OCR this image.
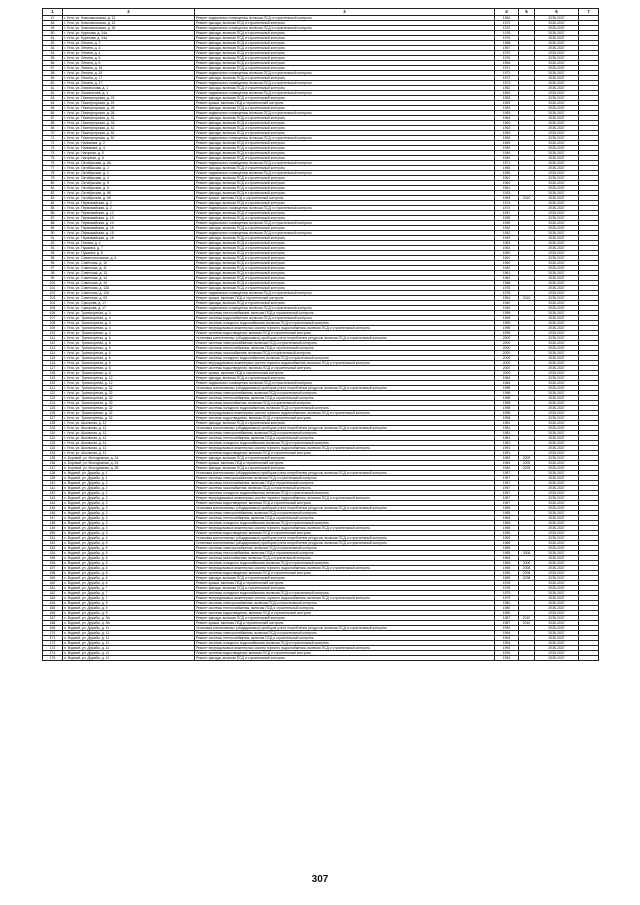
1	2	3	4	5	6	7
47	г. Ухта, ул. Комсомольская, д. 12	Ремонт подвального помещения, включая ПСД и строительный контроль	1964		2035-2037	
48	г. Ухта, ул. Комсомольская, д. 12	Ремонт фасада, включая ПСД и строительный контроль	1972		2035-2037	
49	г. Ухта, ул. Комсомольская, д. 16	Ремонт подвального помещения, включая ПСД и строительный контроль	1972		2035-2037	
50	г. Ухта, ул. Куратова, д. 24а	Ремонт фасада, включая ПСД и строительный контроль	1976		2035-2037	
51	г. Ухта, ул. Куратова, д. 24а	Ремонт фасада, включая ПСД и строительный контроль	1976		2035-2037	
52	г. Ухта, ул. Ленина, д. 2	Ремонт фасада, включая ПСД и строительный контроль	1958		2035-2037	
53	г. Ухта, ул. Ленина, д. 3	Ремонт фасада, включая ПСД и строительный контроль	1967		2035-2037	
54	г. Ухта, ул. Ленина, д. 4	Ремонт фасада, включая ПСД и строительный контроль	1970		2035-2037	
55	г. Ухта, ул. Ленина, д. 5	Ремонт фасада, включая ПСД и строительный контроль	1970		2035-2037	
56	г. Ухта, ул. Ленина, д. 6	Ремонт фасада, включая ПСД и строительный контроль	1954		2035-2037	
57	г. Ухта, ул. Ленина, д. 15	Ремонт фасада, включая ПСД и строительный контроль	1971		2035-2037	
58	г. Ухта, ул. Ленина, д. 15	Ремонт подвального помещения, включая ПСД и строительный контроль	1971		2035-2037	
59	г. Ухта, ул. Ленина, д. 17	Ремонт фасада, включая ПСД и строительный контроль	1972		2035-2037	
60	г. Ухта, ул. Ленина, д. 17	Ремонт подвального помещения, включая ПСД и строительный контроль	1972		2035-2037	
61	г. Ухта, ул. Ломоносова, д. 1	Ремонт фасада, включая ПСД и строительный контроль	1962		2035-2037	
62	г. Ухта, ул. Ломоносова, д. 1	Ремонт подвального помещения, включая ПСД и строительный контроль	1962		2035-2037	
63	г. Ухта, ул. Пионергорская, д. 23	Ремонт фасада, включая ПСД и строительный контроль	1953		2035-2037	
64	г. Ухта, ул. Пионергорская, д. 24	Ремонт крыши, включая ПСД и строительный контроль	1953		2035-2037	
65	г. Ухта, ул. Пионергорская, д. 26	Ремонт фасада, включая ПСД и строительный контроль	1953		2035-2037	
66	г. Ухта, ул. Пионергорская, д. 26	Ремонт подвального помещения, включая ПСД и строительный контроль	1953		2035-2037	
67	г. Ухта, ул. Пионергорская, д. 31	Ремонт фасада, включая ПСД и строительный контроль	1964		2035-2037	
68	г. Ухта, ул. Пионергорская, д. 33	Ремонт фасада, включая ПСД и строительный контроль	1960		2035-2037	
69	г. Ухта, ул. Пионергорская, д. 42	Ремонт фасада, включая ПСД и строительный контроль	1953		2035-2037	
70	г. Ухта, ул. Пионергорская, д. 52	Ремонт фасада, включая ПСД и строительный контроль	1953		2035-2037	
71	г. Ухта, ул. Пионергорская, д. 52	Ремонт подвального помещения, включая ПСД и строительный контроль	1953		2035-2037	
72	г. Ухта, ул. Налимова, д. 2	Ремонт фасада, включая ПСД и строительный контроль	1949		2035-2037	
73	г. Ухта, ул. Налимова, д. 4	Ремонт фасада, включая ПСД и строительный контроль	1949		2035-2037	
74	г. Ухта, ул. Нагорная, д. 5	Ремонт фасада, включая ПСД и строительный контроль	1949		2035-2037	
75	г. Ухта, ул. Нагорная, д. 6	Ремонт фасада, включая ПСД и строительный контроль	1949		2035-2037	
76	г. Ухта, ул. Октябрьская, д. 8А	Ремонт подвального помещения, включая ПСД и строительный контроль	1971		2035-2037	
77	г. Ухта, ул. Октябрьская, д. 2	Ремонт фасада, включая ПСД и строительный контроль	1965		2035-2037	
78	г. Ухта, ул. Октябрьская, д. 2	Ремонт подвального помещения, включая ПСД и строительный контроль	1965		2035-2037	
79	г. Ухта, ул. Октябрьская, д. 4	Ремонт фасада, включая ПСД и строительный контроль	1961		2035-2037	
80	г. Ухта, ул. Октябрьская, д. 5	Ремонт фасада, включая ПСД и строительный контроль	1961		2035-2037	
81	г. Ухта, ул. Октябрьская, д. 6	Ремонт фасада, включая ПСД и строительный контроль	1961		2035-2037	
82	г. Ухта, ул. Октябрьская, д. 6б	Ремонт фасада, включая ПСД и строительный контроль	1933		2035-2037	
83	г. Ухта, ул. Октябрьская, д. 6б	Ремонт крыши, включая ПСД и строительный контроль	1953	2010	2035-2037	
84	г. Ухта, ул. Первомайская, д. 2	Ремонт фасада, включая ПСД и строительный контроль	1974		2035-2037	
85	г. Ухта, ул. Первомайская, д. 2	Ремонт подвального помещения, включая ПСД и строительный контроль	1974		2035-2037	
86	г. Ухта, ул. Первомайская, д. 12	Ремонт фасада, включая ПСД и строительный контроль	1947		2035-2037	
87	г. Ухта, ул. Первомайская, д. 13	Ремонт фасада, включая ПСД и строительный контроль	1939		2035-2037	
88	г. Ухта, ул. Первомайская, д. 14	Ремонт подвального помещения, включая ПСД и строительный контроль	1939		2035-2037	
89	г. Ухта, ул. Первомайская, д. 15	Ремонт фасада, включая ПСД и строительный контроль	1952		2035-2037	
90	г. Ухта, ул. Первомайская, д. 15	Ремонт подвального помещения, включая ПСД и строительный контроль	1952		2035-2037	
91	г. Ухта, ул. Первомайская, д. 16	Ремонт фасада, включая ПСД и строительный контроль	1949		2035-2037	
92	г. Ухта, ул. Попова, д. 4	Ремонт фасада, включая ПСД и строительный контроль	1963		2035-2037	
93	г. Ухта, ул. Пушкина, д. 7	Ремонт фасада, включая ПСД и строительный контроль	1964		2035-2037	
94	г. Ухта, ул. Пушкина, д. 8	Ремонт фасада, включая ПСД и строительный контроль	1960		2035-2037	
95	г. Ухта, ул. Севастопольская, д. 6	Ремонт фасада, включая ПСД и строительный контроль	1961		2035-2037	
96	г. Ухта, ул. Советская, д. 10	Ремонт фасада, включая ПСД и строительный контроль	1960		2035-2037	
97	г. Ухта, ул. Советская, д. 11	Ремонт фасада, включая ПСД и строительный контроль	1962		2035-2037	
98	г. Ухта, ул. Советская, д. 13	Ремонт фасада, включая ПСД и строительный контроль	1961		2035-2037	
99	г. Ухта, ул. Советская, д. 14	Ремонт фасада, включая ПСД и строительный контроль	1962		2035-2037	
100	г. Ухта, ул. Советская, д. 19	Ремонт фасада, включая ПСД и строительный контроль	1958		2035-2037	
101	г. Ухта, ул. Советская, д. 12А	Ремонт фасада, включая ПСД и строительный контроль	1978		2035-2037	
102	г. Ухта, ул. Советская, д. 12А	Ремонт подвального помещения, включая ПСД и строительный контроль	1978		2035-2037	
103	г. Ухта, ул. Советская, д. 93	Ремонт крыши, включая ПСД и строительный контроль	1954	2010	2035-2037	
104	г. Ухта, ул. Суворова, д. 17	Ремонт фасада, включая ПСД и строительный контроль	1940		2035-2037	
105	г. Ухта, ул. Суворова, д. 17	Ремонт подвального помещения, включая ПСД и строительный контроль	1940		2035-2037	
106	г. Ухта, ул. Транспортная, д. 4	Ремонт системы теплоснабжения, включая ПСД и строительный контроль	1995		2035-2037	
107	г. Ухта, ул. Транспортная, д. 4	Ремонт системы водоснабжения, включая ПСД и строительный контроль	1995		2035-2037	
108	г. Ухта, ул. Транспортная, д. 4	Ремонт системы холодного водоснабжения, включая ПСД и строительный контроль	1995		2035-2037	
109	г. Ухта, ул. Транспортная, д. 4	Ремонт внутридомовых инженерных систем горячего водоснабжения, включая ПСД и строительный контроль	1995		2035-2037	
110	г. Ухта, ул. Транспортная, д. 4	Ремонт системы водоотведения, включая ПСД и строительный контроль	1995		2035-2037	
111	г. Ухта, ул. Транспортная, д. 6	Установка коллективных (общедомовых) приборов учета потребления ресурсов, включая ПСД и строительный контроль	2000		2035-2037	
112	г. Ухта, ул. Транспортная, д. 6	Ремонт системы электроснабжения, включая ПСД и строительный контроль	2000		2035-2037	
113	г. Ухта, ул. Транспортная, д. 6	Ремонт системы теплоснабжения, включая ПСД и строительный контроль	2000		2035-2037	
114	г. Ухта, ул. Транспортная, д. 6	Ремонт системы газоснабжения, включая ПСД и строительный контроль	2000		2035-2037	
115	г. Ухта, ул. Транспортная, д. 6	Ремонт системы холодного водоснабжения, включая ПСД и строительный контроль	2000		2035-2037	
116	г. Ухта, ул. Транспортная, д. 6	Ремонт внутридомовых инженерных систем горячего водоснабжения, включая ПСД и строительный контроль	2000		2035-2037	
117	г. Ухта, ул. Транспортная, д. 6	Ремонт системы водоотведения, включая ПСД и строительный контроль	2000		2035-2037	
118	г. Ухта, ул. Транспортная, д. 6	Ремонт крыши, включая ПСД и строительный контроль	2000		2035-2037	
119	г. Ухта, ул. Транспортная, д. 12	Ремонт фасада, включая ПСД и строительный контроль	1984		2035-2037	
120	г. Ухта, ул. Транспортная, д. 12	Ремонт подвального помещения, включая ПСД и строительный контроль	1984		2035-2037	
121	г. Ухта, ул. Транспортная, д. 32	Установка коллективных (общедомовых) приборов учета потребления ресурсов, включая ПСД и строительный контроль	1998		2035-2037	
122	г. Ухта, ул. Транспортная, д. 32	Ремонт системы электроснабжения, включая ПСД и строительный контроль	1998		2035-2037	
123	г. Ухта, ул. Транспортная, д. 32	Ремонт системы теплоснабжения, включая ПСД и строительный контроль	1998		2035-2037	
124	г. Ухта, ул. Транспортная, д. 32	Ремонт системы газоснабжения, включая ПСД и строительный контроль	1998		2035-2037	
125	г. Ухта, ул. Транспортная, д. 32	Ремонт системы холодного водоснабжения, включая ПСД и строительный контроль	1998		2035-2037	
126	г. Ухта, ул. Транспортная, д. 32	Ремонт внутридомовых инженерных систем горячего водоснабжения, включая ПСД и строительный контроль	1998		2035-2037	
127	г. Ухта, ул. Транспортная, д. 32	Ремонт системы водоотведения, включая ПСД и строительный контроль	1998		2035-2037	
128	г. Ухта, ул. Школьная, д. 12	Ремонт фасада, включая ПСД и строительный контроль	1981		2035-2037	
129	г. Ухта, ул. Школьная, д. 12	Установка коллективных (общедомовых) приборов учета потребления ресурсов, включая ПСД и строительный контроль	1981		2035-2037	
130	г. Ухта, ул. Школьная, д. 12	Ремонт системы электроснабжения, включая ПСД и строительный контроль	1981		2035-2037	
131	г. Ухта, ул. Школьная, д. 12	Ремонт системы теплоснабжения, включая ПСД и строительный контроль	1981		2035-2037	
132	г. Ухта, ул. Школьная, д. 12	Ремонт системы холодного водоснабжения, включая ПСД и строительный контроль	1981		2035-2037	
133	г. Ухта, ул. Школьная, д. 12	Ремонт внутридомовых инженерных систем горячего водоснабжения, включая ПСД и строительный контроль	1991		2035-2037	
134	г. Ухта, ул. Школьная, д. 12	Ремонт системы водоотведения, включая ПСД и строительный контроль	1991		2035-2037	
135	п. Боровой, ул. Молодежная, д. 24	Ремонт фасада, включая ПСД и строительный контроль	1983	2009	2035-2037	
136	п. Боровой, ул. Молодежная, д. 24	Ремонт крыши, включая ПСД и строительный контроль	1984	2009	2035-2037	
137	п. Боровой, ул. Молодежная, д. 28	Ремонт фасада, включая ПСД и строительный контроль	1984	2009	2035-2037	
138	п. Водный, ул. Дружбы, д. 1	Установка коллективных (общедомовых) приборов учета потребления ресурсов, включая ПСД и строительный контроль	1957		2035-2037	
139	п. Водный, ул. Дружбы, д. 1	Ремонт системы электроснабжения, включая ПСД и строительный контроль	1957		2035-2037	
140	п. Водный, ул. Дружбы, д. 2	Ремонт системы теплоснабжения, включая ПСД и строительный контроль	1957		2035-2037	
141	п. Водный, ул. Дружбы, д. 2	Ремонт системы газоснабжения, включая ПСД и строительный контроль	1957		2035-2037	
142	п. Водный, ул. Дружбы, д. 2	Ремонт системы холодного водоснабжения, включая ПСД и строительный контроль	1957		2035-2037	
143	п. Водный, ул. Дружбы, д. 2	Ремонт внутридомовых инженерных систем горячего водоснабжения, включая ПСД и строительный контроль	1957		2035-2037	
144	п. Водный, ул. Дружбы, д. 2	Ремонт системы водоотведения, включая ПСД и строительный контроль	1957		2035-2037	
145	п. Водный, ул. Дружбы, д. 3	Установка коллективных (общедомовых) приборов учета потребления ресурсов, включая ПСД и строительный контроль	1965		2035-2037	
146	п. Водный, ул. Дружбы, д. 3	Ремонт системы электроснабжения, включая ПСД и строительный контроль	1965		2035-2037	
147	п. Водный, ул. Дружбы, д. 3	Ремонт системы теплоснабжения, включая ПСД и строительный контроль	1965		2035-2037	
148	п. Водный, ул. Дружбы, д. 3	Ремонт системы холодного водоснабжения, включая ПСД и строительный контроль	1965		2035-2037	
149	п. Водный, ул. Дружбы, д. 3	Ремонт внутридомовых инженерных систем горячего водоснабжения, включая ПСД и строительный контроль	1965		2035-2037	
150	п. Водный, ул. Дружбы, д. 3	Ремонт системы водоотведения, включая ПСД и строительный контроль	1965		2035-2037	
151	п. Водный, ул. Дружбы, д. 4	Установка коллективных (общедомовых) приборов учета потребления ресурсов, включая ПСД и строительный контроль	1965		2035-2037	
152	п. Водный, ул. Дружбы, д. 5	Установка коллективных (общедомовых) приборов учета потребления ресурсов, включая ПСД и строительный контроль	1965		2035-2037	
153	п. Водный, ул. Дружбы, д. 5	Ремонт системы электроснабжения, включая ПСД и строительный контроль	1965		2035-2037	
154	п. Водный, ул. Дружбы, д. 5	Ремонт системы теплоснабжения, включая ПСД и строительный контроль	1965	2008	2035-2037	
155	п. Водный, ул. Дружбы, д. 5	Ремонт системы газоснабжения, включая ПСД и строительный контроль	1965		2035-2037	
156	п. Водный, ул. Дружбы, д. 5	Ремонт системы холодного водоснабжения, включая ПСД и строительный контроль	1965	2008	2035-2037	
157	п. Водный, ул. Дружбы, д. 5	Ремонт внутридомовых инженерных систем горячего водоснабжения, включая ПСД и строительный контроль	1965	2008	2035-2037	
158	п. Водный, ул. Дружбы, д. 5	Ремонт системы водоотведения, включая ПСД и строительный контроль	1965	2008	2035-2037	
159	п. Водный, ул. Дружбы, д. 6	Ремонт фасада, включая ПСД и строительный контроль	1965	2008	2035-2037	
160	п. Водный, ул. Дружбы, д. 6	Ремонт крыши, включая ПСД и строительный контроль	1978		2035-2037	
161	п. Водный, ул. Дружбы, д. 7	Ремонт фасада, включая ПСД и строительный контроль	1978		2035-2037	
162	п. Водный, ул. Дружбы, д. 7	Ремонт системы холодного водоснабжения, включая ПСД и строительный контроль	1979		2035-2037	
163	п. Водный, ул. Дружбы, д. 7	Ремонт внутридомовых инженерных систем горячего водоснабжения, включая ПСД и строительный контроль	1979		2035-2037	
164	п. Водный, ул. Дружбы, д. 9	Ремонт системы электроснабжения, включая ПСД и строительный контроль	1980		2035-2037	
165	п. Водный, ул. Дружбы, д. 9	Ремонт системы теплоснабжения, включая ПСД и строительный контроль	1980		2035-2037	
166	п. Водный, ул. Дружбы, д. 9	Ремонт системы водоотведения, включая ПСД и строительный контроль	1980		2035-2037	
167	п. Водный, ул. Дружбы, д. 9А	Ремонт фасада, включая ПСД и строительный контроль	1987	2010	2035-2037	
168	п. Водный, ул. Дружбы, д. 9А	Ремонт крыши, включая ПСД и строительный контроль	1987	2010	2035-2037	
169	п. Водный, ул. Дружбы, д. 11	Установка коллективных (общедомовых) приборов учета потребления ресурсов, включая ПСД и строительный контроль	1994		2035-2037	
170	п. Водный, ул. Дружбы, д. 11	Ремонт системы электроснабжения, включая ПСД и строительный контроль	1994		2035-2037	
171	п. Водный, ул. Дружбы, д. 11	Ремонт системы теплоснабжения, включая ПСД и строительный контроль	1994		2035-2037	
172	п. Водный, ул. Дружбы, д. 11	Ремонт системы холодного водоснабжения, включая ПСД и строительный контроль	1994		2035-2037	
173	п. Водный, ул. Дружбы, д. 11	Ремонт внутридомовых инженерных систем горячего водоснабжения, включая ПСД и строительный контроль	1994		2035-2037	
174	п. Водный, ул. Дружбы, д. 11	Ремонт системы водоотведения, включая ПСД и строительный контроль	1994		2035-2037	
175	п. Водный, ул. Дружбы, д. 11	Ремонт фасада, включая ПСД и строительный контроль	1994		2035-2037	
307
